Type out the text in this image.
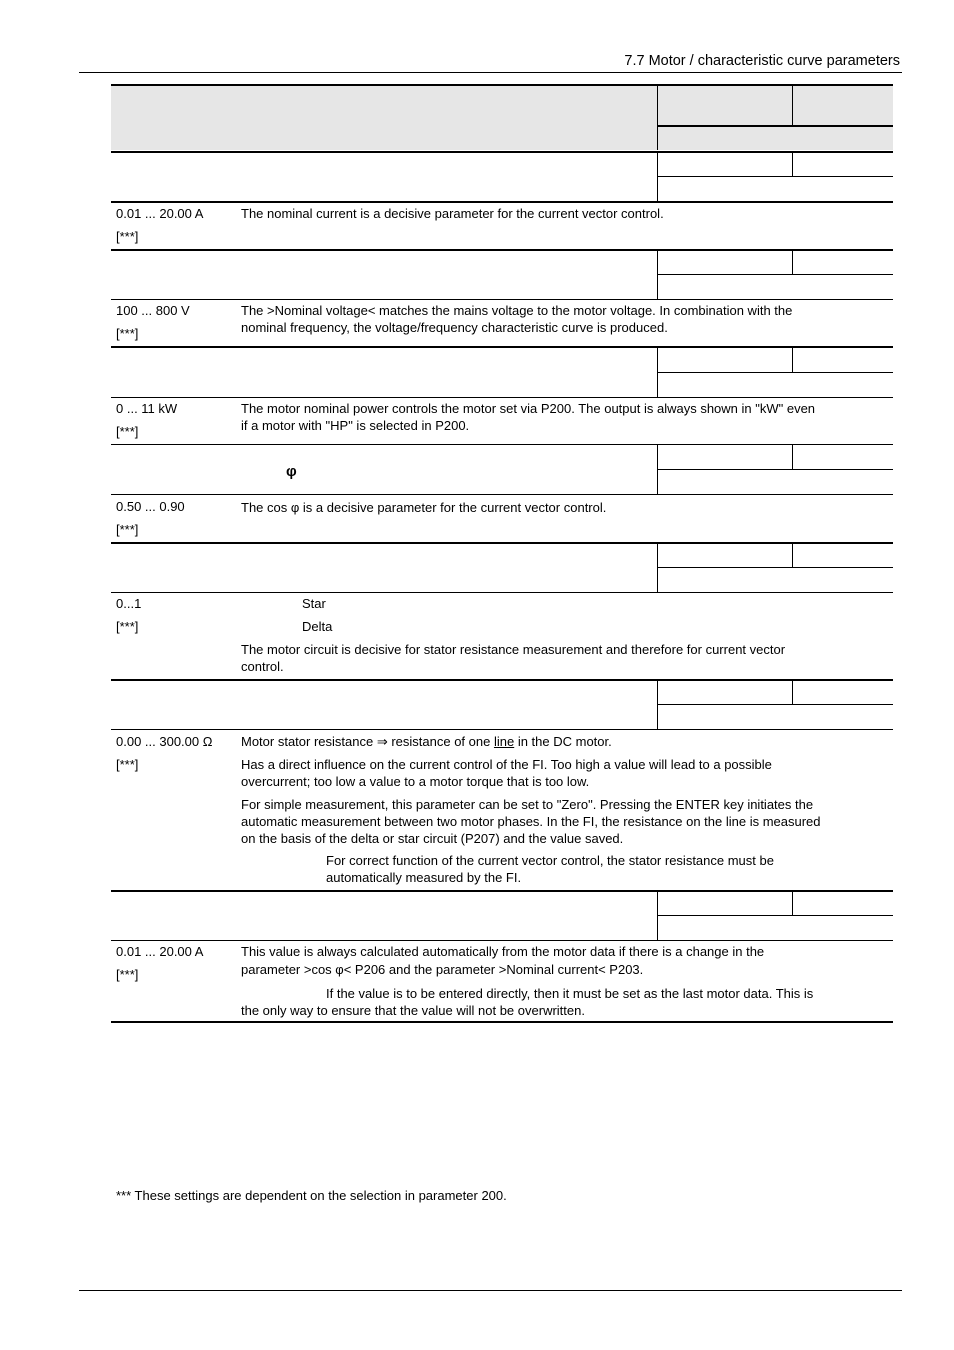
7.7 Motor / characteristic curve parameters
0.01 ... 20.00 A
[***]
The nominal current is a decisive parameter for the current vector control.
100 ... 800 V
[***]
The >Nominal voltage< matches the mains voltage to the motor voltage. In combination with the
nominal frequency, the voltage/frequency characteristic curve is produced.
0 ... 11 kW
[***]
The motor nominal power controls the motor set via P200. The output is always shown in "kW" even
if a motor with "HP" is selected in P200.
φ
0.50 ... 0.90
[***]
The cos φ is a decisive parameter for the current vector control.
0...1
[***]
Star
Delta
The motor circuit is decisive for stator resistance measurement and therefore for current vector
control.
0.00 ... 300.00 Ω
[***]
Motor stator resistance ⇒ resistance of one line in the DC motor.
Has a direct influence on the current control of the FI. Too high a value will lead to a possible
overcurrent; too low a value to a motor torque that is too low.
For simple measurement, this parameter can be set to "Zero". Pressing the ENTER key initiates the
automatic measurement between two motor phases. In the FI, the resistance on the line is measured
on the basis of the delta or star circuit (P207) and the value saved.
For correct function of the current vector control, the stator resistance must be
automatically measured by the FI.
0.01 ... 20.00 A
[***]
This value is always calculated automatically from the motor data if there is a change in the
parameter >cos φ< P206 and the parameter >Nominal current< P203.
If the value is to be entered directly, then it must be set as the last motor data. This is
the only way to ensure that the value will not be overwritten.
*** These settings are dependent on the selection in parameter 200.
